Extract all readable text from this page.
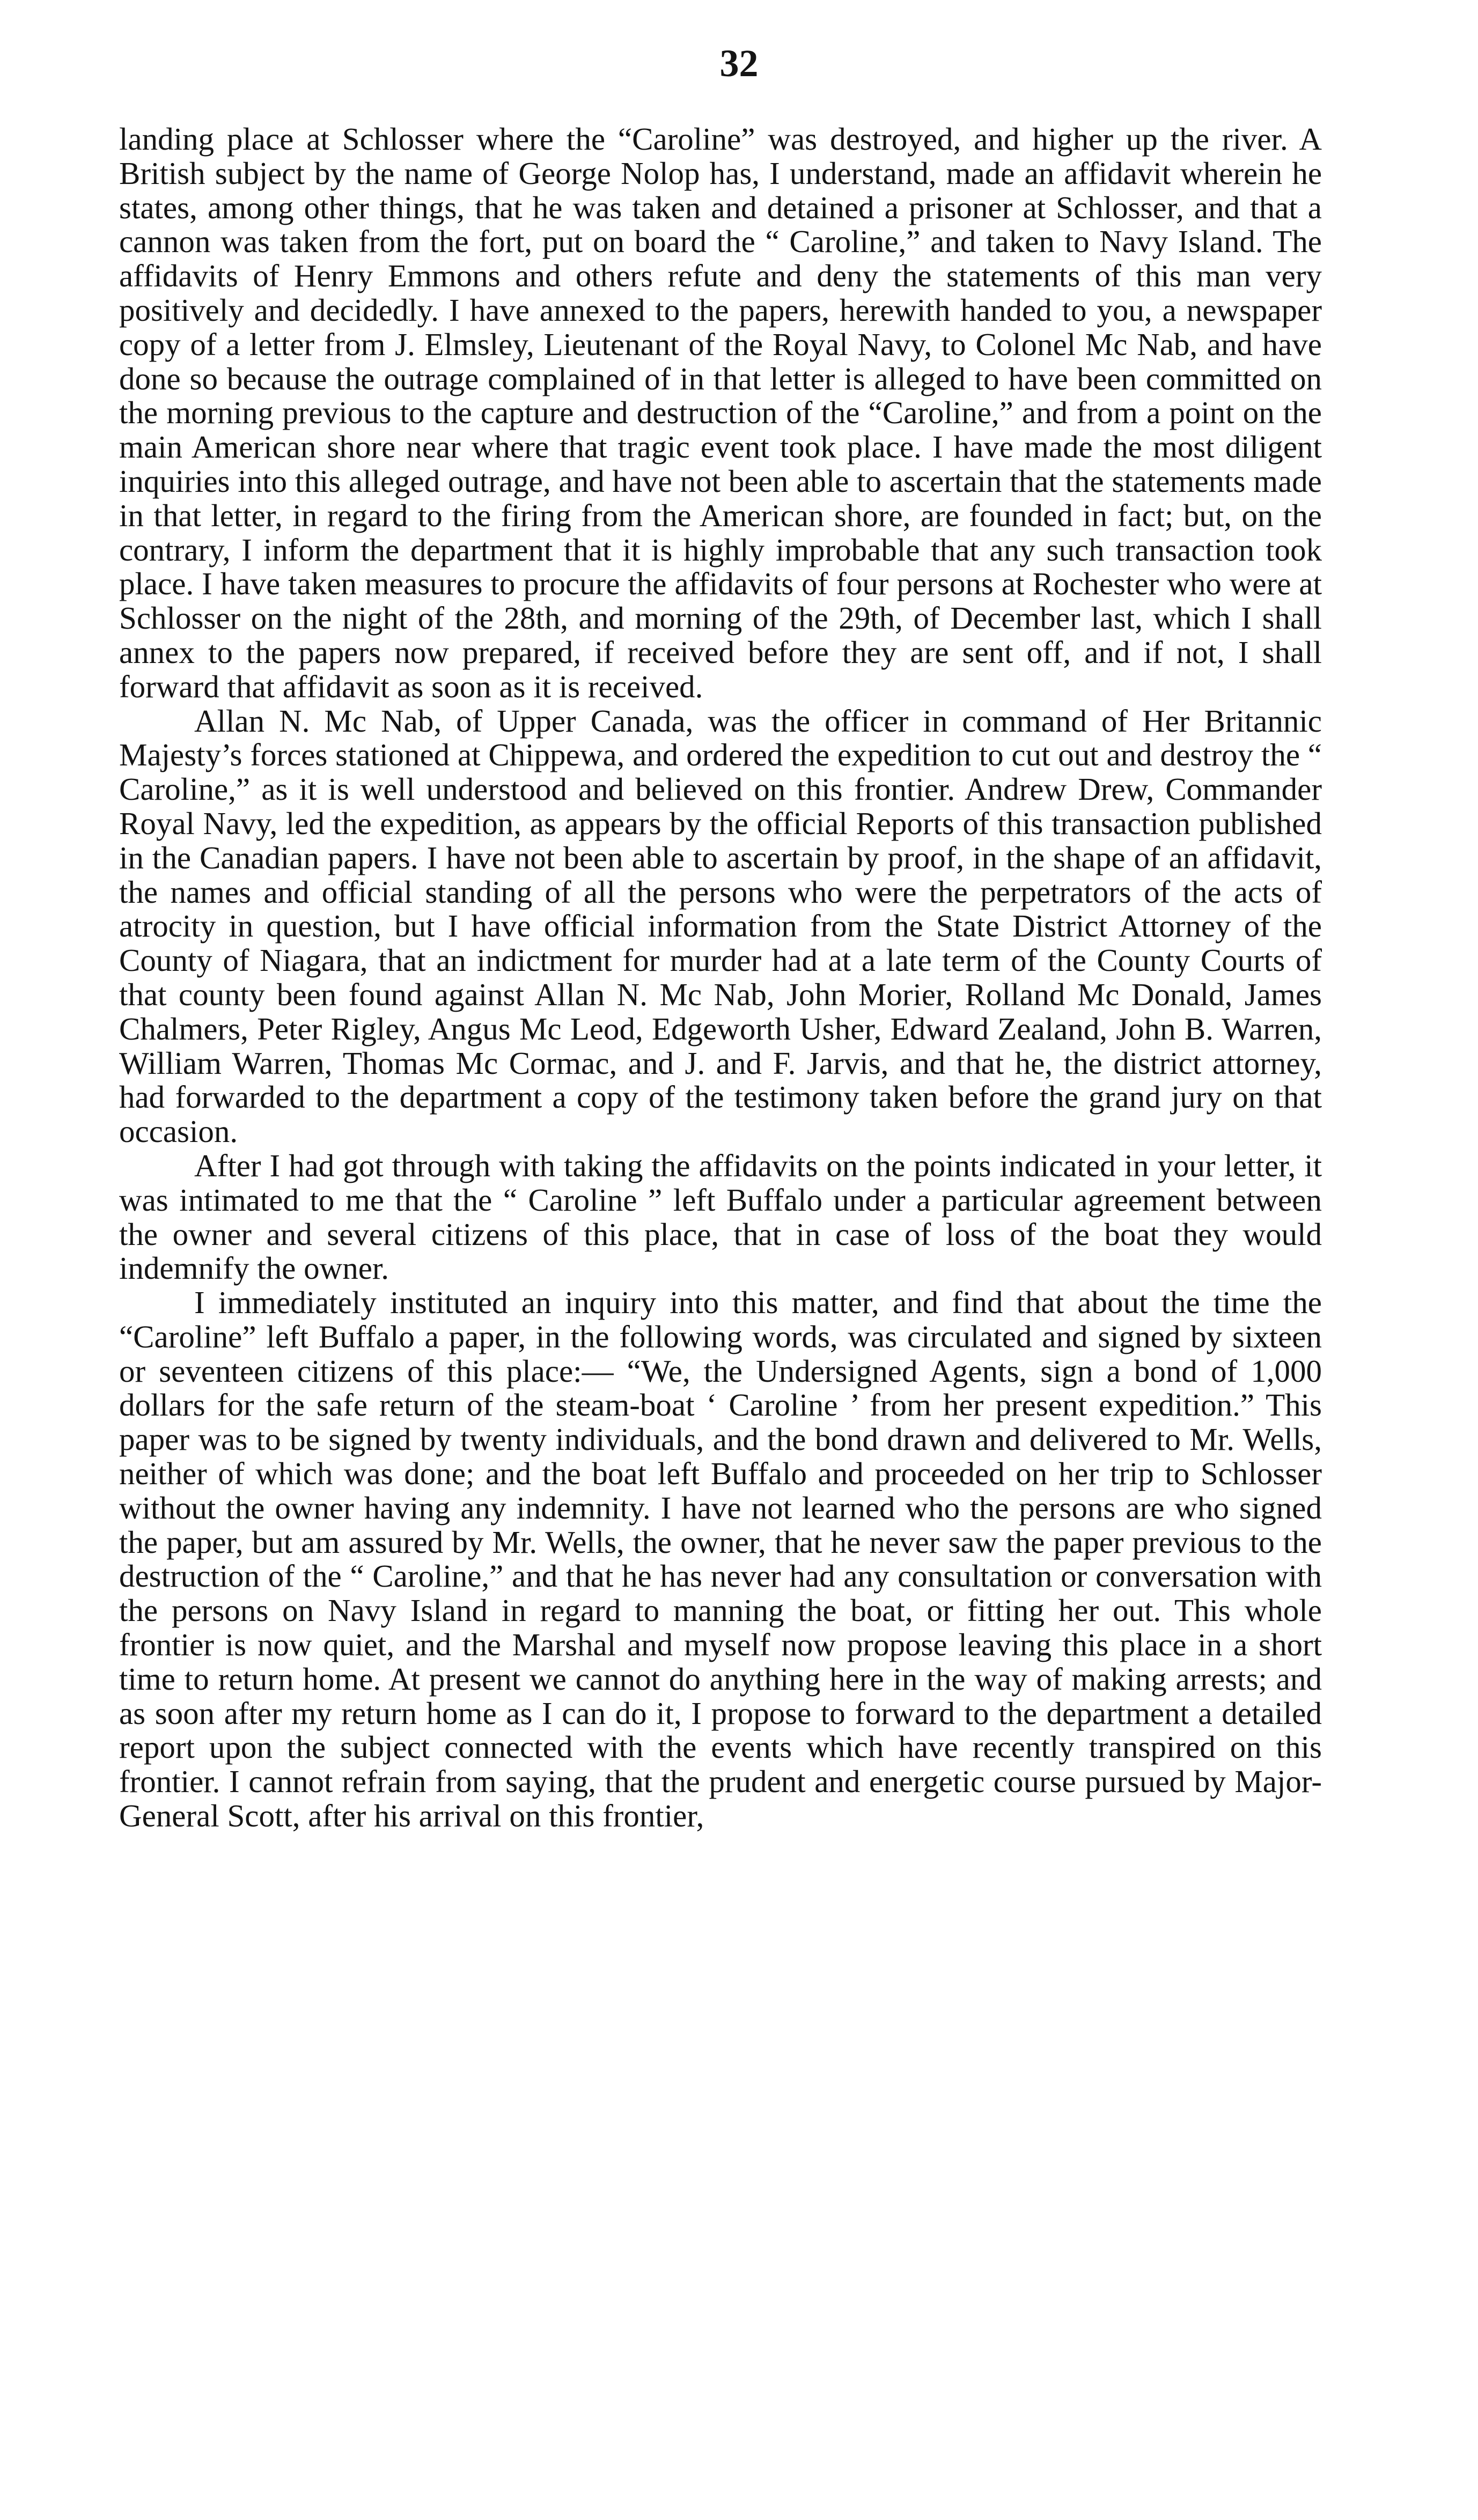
32

landing place at Schlosser where the “Caroline” was destroyed, and higher up the river. A British subject by the name of George Nolop has, I understand, made an affidavit wherein he states, among other things, that he was taken and detained a prisoner at Schlosser, and that a cannon was taken from the fort, put on board the “ Caroline,” and taken to Navy Island. The affidavits of Henry Emmons and others refute and deny the statements of this man very positively and decidedly. I have annexed to the papers, herewith handed to you, a newspaper copy of a letter from J. Elmsley, Lieutenant of the Royal Navy, to Colonel Mc Nab, and have done so because the outrage complained of in that letter is alleged to have been committed on the morning previous to the capture and destruction of the “Caroline,” and from a point on the main American shore near where that tragic event took place. I have made the most diligent inquiries into this alleged outrage, and have not been able to ascertain that the statements made in that letter, in regard to the firing from the American shore, are founded in fact; but, on the contrary, I inform the department that it is highly improbable that any such transaction took place. I have taken measures to procure the affidavits of four persons at Rochester who were at Schlosser on the night of the 28th, and morning of the 29th, of December last, which I shall annex to the papers now prepared, if received before they are sent off, and if not, I shall forward that affidavit as soon as it is received.

Allan N. Mc Nab, of Upper Canada, was the officer in command of Her Britannic Majesty’s forces stationed at Chippewa, and ordered the expedition to cut out and destroy the “ Caroline,” as it is well understood and believed on this frontier. Andrew Drew, Commander Royal Navy, led the expedition, as appears by the official Reports of this transaction published in the Canadian papers. I have not been able to ascertain by proof, in the shape of an affidavit, the names and official standing of all the persons who were the perpetrators of the acts of atrocity in question, but I have official information from the State District Attorney of the County of Niagara, that an indictment for murder had at a late term of the County Courts of that county been found against Allan N. Mc Nab, John Morier, Rolland Mc Donald, James Chalmers, Peter Rigley, Angus Mc Leod, Edgeworth Usher, Edward Zealand, John B. Warren, William Warren, Thomas Mc Cormac, and J. and F. Jarvis, and that he, the district attorney, had forwarded to the department a copy of the testimony taken before the grand jury on that occasion.

After I had got through with taking the affidavits on the points indicated in your letter, it was intimated to me that the “ Caroline ” left Buffalo under a particular agreement between the owner and several citizens of this place, that in case of loss of the boat they would indemnify the owner.

I immediately instituted an inquiry into this matter, and find that about the time the “Caroline” left Buffalo a paper, in the following words, was circulated and signed by sixteen or seventeen citizens of this place:— “We, the Undersigned Agents, sign a bond of 1,000 dollars for the safe return of the steam-boat ‘ Caroline ’ from her present expedition.” This paper was to be signed by twenty individuals, and the bond drawn and delivered to Mr. Wells, neither of which was done; and the boat left Buffalo and proceeded on her trip to Schlosser without the owner having any indemnity. I have not learned who the persons are who signed the paper, but am assured by Mr. Wells, the owner, that he never saw the paper previous to the destruction of the “ Caroline,” and that he has never had any consultation or conversation with the persons on Navy Island in regard to manning the boat, or fitting her out. This whole frontier is now quiet, and the Marshal and myself now propose leaving this place in a short time to return home. At present we cannot do anything here in the way of making arrests; and as soon after my return home as I can do it, I propose to forward to the department a detailed report upon the subject connected with the events which have recently transpired on this frontier. I cannot refrain from saying, that the prudent and energetic course pursued by Major-General Scott, after his arrival on this frontier,
